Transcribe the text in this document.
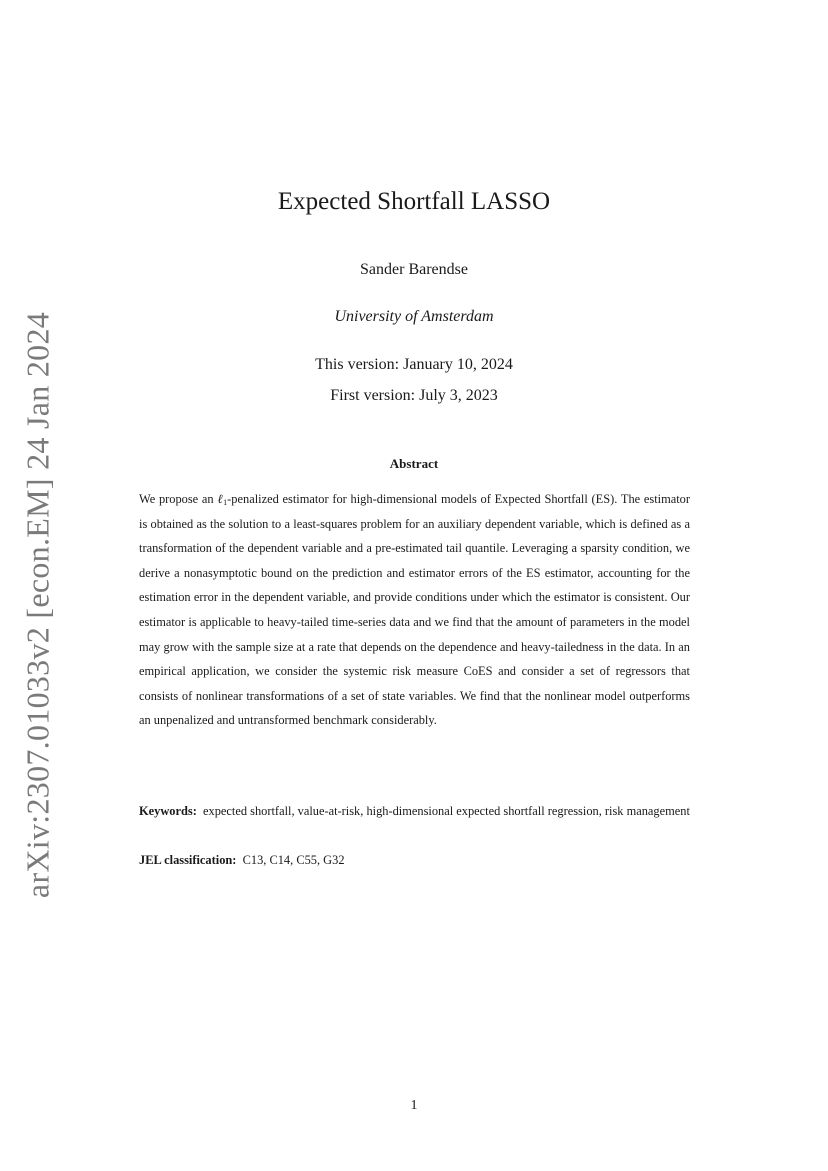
arXiv:2307.01033v2 [econ.EM] 24 Jan 2024
Expected Shortfall LASSO
Sander Barendse
University of Amsterdam
This version: January 10, 2024
First version: July 3, 2023
Abstract
We propose an ℓ$_1$-penalized estimator for high-dimensional models of Expected Shortfall (ES). The estimator is obtained as the solution to a least-squares problem for an auxiliary dependent variable, which is defined as a transformation of the dependent variable and a pre-estimated tail quantile. Leveraging a sparsity condition, we derive a nonasymptotic bound on the prediction and estimator errors of the ES estimator, accounting for the estimation error in the dependent variable, and provide conditions under which the estimator is consistent. Our estimator is applicable to heavy-tailed time-series data and we find that the amount of parameters in the model may grow with the sample size at a rate that depends on the dependence and heavy-tailedness in the data. In an empirical application, we consider the systemic risk measure CoES and consider a set of regressors that consists of nonlinear transformations of a set of state variables. We find that the nonlinear model outperforms an unpenalized and untransformed benchmark considerably.
Keywords: expected shortfall, value-at-risk, high-dimensional expected shortfall regression, risk management
JEL classification: C13, C14, C55, G32
1
